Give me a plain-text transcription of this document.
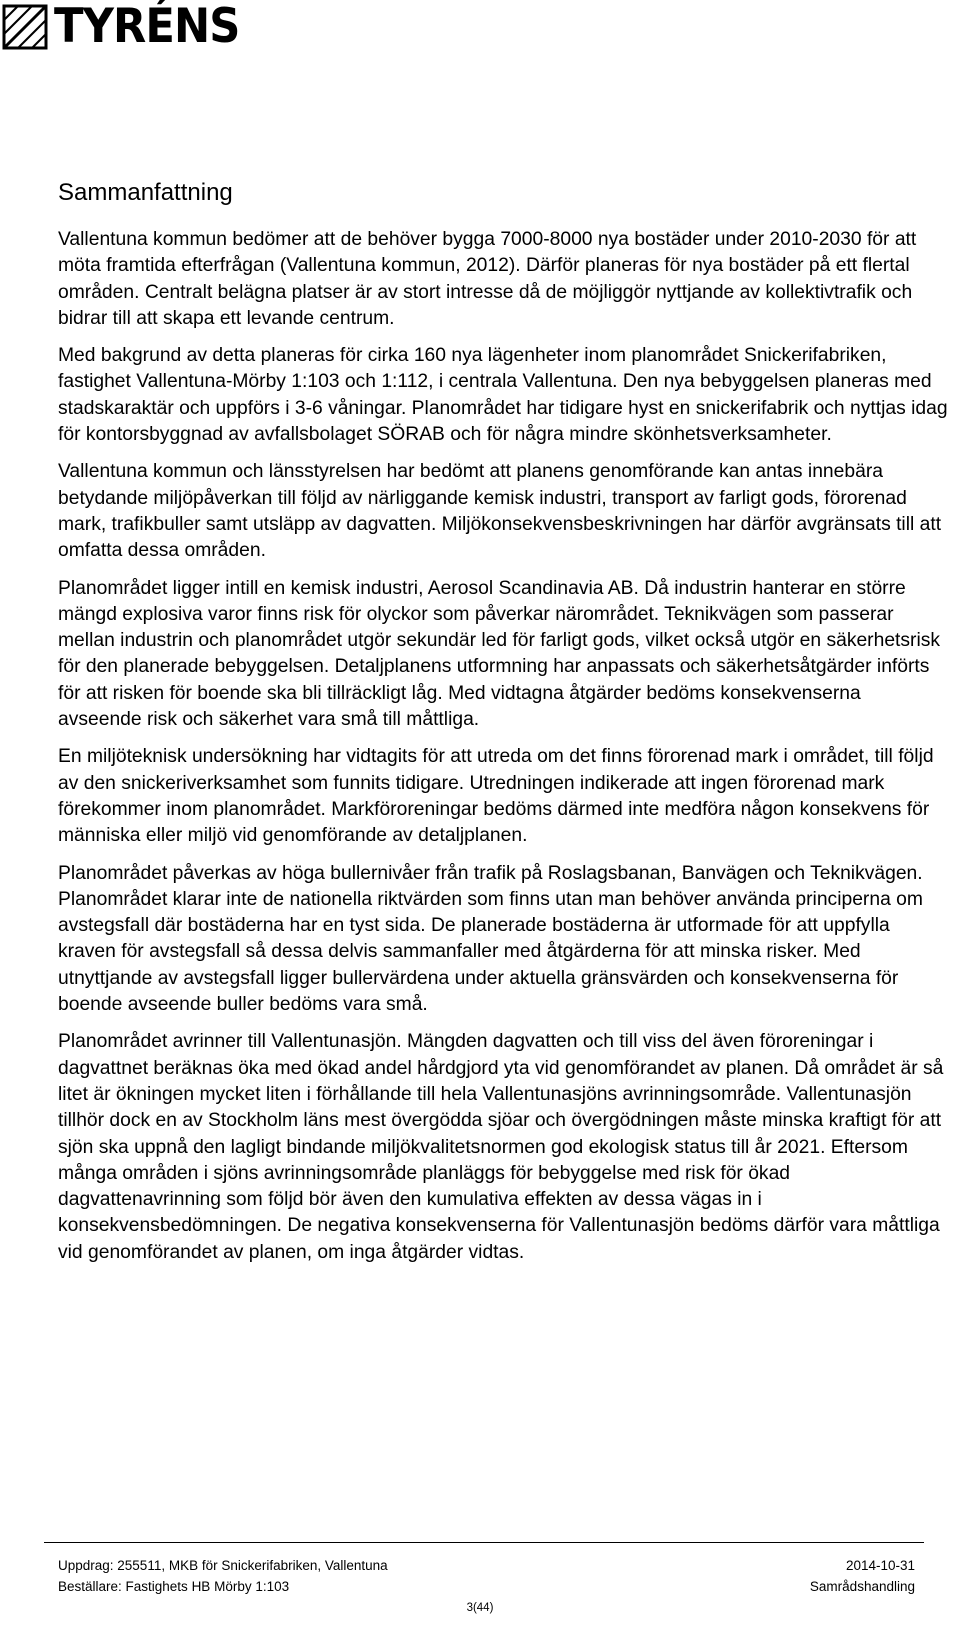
TYRÉNS
Sammanfattning

Vallentuna kommun bedömer att de behöver bygga 7000-8000 nya bostäder under 2010-2030 för att möta framtida efterfrågan (Vallentuna kommun, 2012). Därför planeras för nya bostäder på ett flertal områden. Centralt belägna platser är av stort intresse då de möjliggör nyttjande av kollektivtrafik och bidrar till att skapa ett levande centrum.

Med bakgrund av detta planeras för cirka 160 nya lägenheter inom planområdet Snickerifabriken, fastighet Vallentuna-Mörby 1:103 och 1:112, i centrala Vallentuna. Den nya bebyggelsen planeras med stadskaraktär och uppförs i 3-6 våningar. Planområdet har tidigare hyst en snickerifabrik och nyttjas idag för kontorsbyggnad av avfallsbolaget SÖRAB och för några mindre skönhetsverksamheter.

Vallentuna kommun och länsstyrelsen har bedömt att planens genomförande kan antas innebära betydande miljöpåverkan till följd av närliggande kemisk industri, transport av farligt gods, förorenad mark, trafikbuller samt utsläpp av dagvatten. Miljökonsekvensbeskrivningen har därför avgränsats till att omfatta dessa områden.

Planområdet ligger intill en kemisk industri, Aerosol Scandinavia AB. Då industrin hanterar en större mängd explosiva varor finns risk för olyckor som påverkar närområdet. Teknikvägen som passerar mellan industrin och planområdet utgör sekundär led för farligt gods, vilket också utgör en säkerhetsrisk för den planerade bebyggelsen. Detaljplanens utformning har anpassats och säkerhetsåtgärder införts för att risken för boende ska bli tillräckligt låg. Med vidtagna åtgärder bedöms konsekvenserna avseende risk och säkerhet vara små till måttliga.

En miljöteknisk undersökning har vidtagits för att utreda om det finns förorenad mark i området, till följd av den snickeriverksamhet som funnits tidigare. Utredningen indikerade att ingen förorenad mark förekommer inom planområdet. Markföroreningar bedöms därmed inte medföra någon konsekvens för människa eller miljö vid genomförande av detaljplanen.

Planområdet påverkas av höga bullernivåer från trafik på Roslagsbanan, Banvägen och Teknikvägen. Planområdet klarar inte de nationella riktvärden som finns utan man behöver använda principerna om avstegsfall där bostäderna har en tyst sida. De planerade bostäderna är utformade för att uppfylla kraven för avstegsfall så dessa delvis sammanfaller med åtgärderna för att minska risker. Med utnyttjande av avstegsfall ligger bullervärdena under aktuella gränsvärden och konsekvenserna för boende avseende buller bedöms vara små.

Planområdet avrinner till Vallentunasjön. Mängden dagvatten och till viss del även föroreningar i dagvattnet beräknas öka med ökad andel hårdgjord yta vid genomförandet av planen. Då området är så litet är ökningen mycket liten i förhållande till hela Vallentunasjöns avrinningsområde. Vallentunasjön tillhör dock en av Stockholm läns mest övergödda sjöar och övergödningen måste minska kraftigt för att sjön ska uppnå den lagligt bindande miljökvalitetsnormen god ekologisk status till år 2021. Eftersom många områden i sjöns avrinningsområde planläggs för bebyggelse med risk för ökad dagvattenavrinning som följd bör även den kumulativa effekten av dessa vägas in i konsekvensbedömningen. De negativa konsekvenserna för Vallentunasjön bedöms därför vara måttliga vid genomförandet av planen, om inga åtgärder vidtas.

Uppdrag: 255511, MKB för Snickerifabriken, Vallentuna	2014-10-31
Beställare: Fastighets HB Mörby 1:103	Samrådshandling
3(44)
